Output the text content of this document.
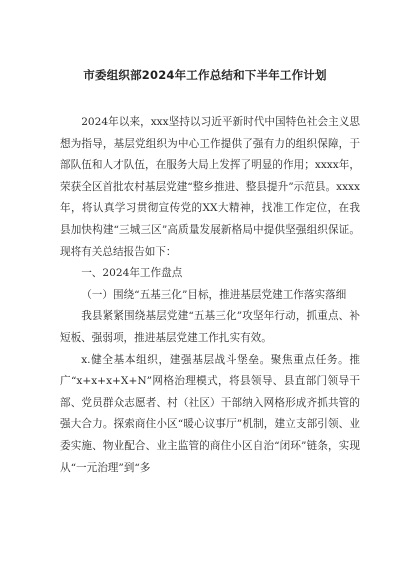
市委组织部2024年工作总结和下半年工作计划

2024年以来，xxx坚持以习近平新时代中国特色社会主义思想为指导，基层党组织为中心工作提供了强有力的组织保障，于部队伍和人才队伍，在服务大局上发挥了明显的作用；xxxx年，荣获全区首批农村基层党建“整乡推进、整县提升”示范县。xxxx年，将认真学习贯彻宣传党的XX大精神，找准工作定位，在我县加快构建“三城三区”高质量发展新格局中提供坚强组织保证。现将有关总结报告如下：

一、2024年工作盘点

（一）围绕“五基三化”目标，推进基层党建工作落实落细

我县紧紧围绕基层党建“五基三化”攻坚年行动，抓重点、补短板、强弱项，推进基层党建工作扎实有效。

x.健全基本组织，建强基层战斗堡垒。聚焦重点任务。推广“x+x+x+X+N”网格治理模式，将县领导、县直部门领导干部、党员群众志愿者、村（社区）干部纳入网格形成齐抓共管的强大合力。探索商住小区“暖心议事厅”机制，建立支部引领、业委实施、物业配合、业主监管的商住小区自治“闭环”链条，实现从“一元治理”到“多
